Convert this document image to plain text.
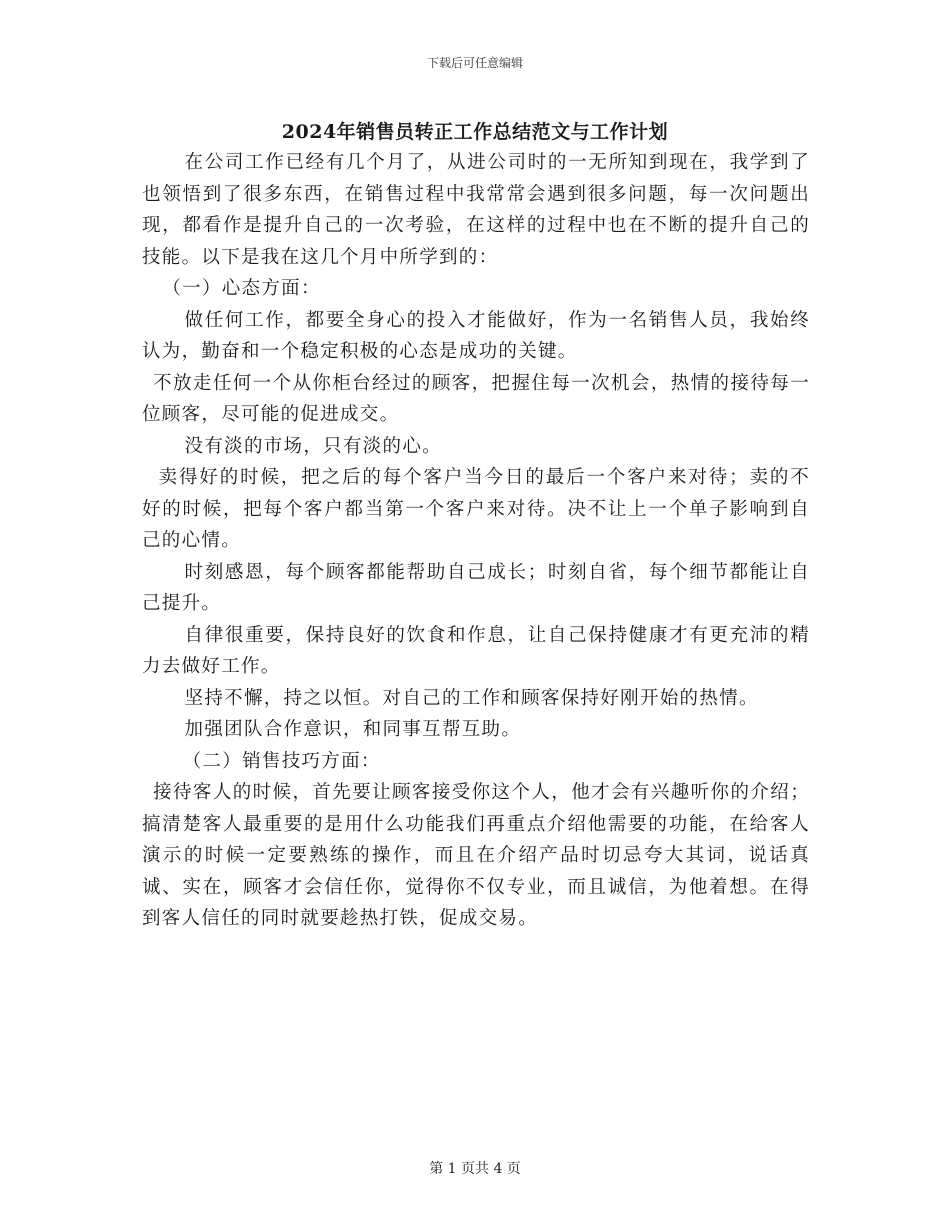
下载后可任意编辑
2024年销售员转正工作总结范文与工作计划

在公司工作已经有几个月了，从进公司时的一无所知到现在，我学到了也领悟到了很多东西，在销售过程中我常常会遇到很多问题，每一次问题出现，都看作是提升自己的一次考验，在这样的过程中也在不断的提升自己的技能。以下是我在这几个月中所学到的：

（一）心态方面：

做任何工作，都要全身心的投入才能做好，作为一名销售人员，我始终认为，勤奋和一个稳定积极的心态是成功的关键。

不放走任何一个从你柜台经过的顾客，把握住每一次机会，热情的接待每一位顾客，尽可能的促进成交。

没有淡的市场，只有淡的心。

卖得好的时候，把之后的每个客户当今日的最后一个客户来对待；卖的不好的时候，把每个客户都当第一个客户来对待。决不让上一个单子影响到自己的心情。

时刻感恩，每个顾客都能帮助自己成长；时刻自省，每个细节都能让自己提升。

自律很重要，保持良好的饮食和作息，让自己保持健康才有更充沛的精力去做好工作。

坚持不懈，持之以恒。对自己的工作和顾客保持好刚开始的热情。

加强团队合作意识，和同事互帮互助。

（二）销售技巧方面：

接待客人的时候，首先要让顾客接受你这个人，他才会有兴趣听你的介绍；搞清楚客人最重要的是用什么功能我们再重点介绍他需要的功能，在给客人演示的时候一定要熟练的操作，而且在介绍产品时切忌夸大其词，说话真诚、实在，顾客才会信任你，觉得你不仅专业，而且诚信，为他着想。在得到客人信任的同时就要趁热打铁，促成交易。

第 1 页共 4 页
